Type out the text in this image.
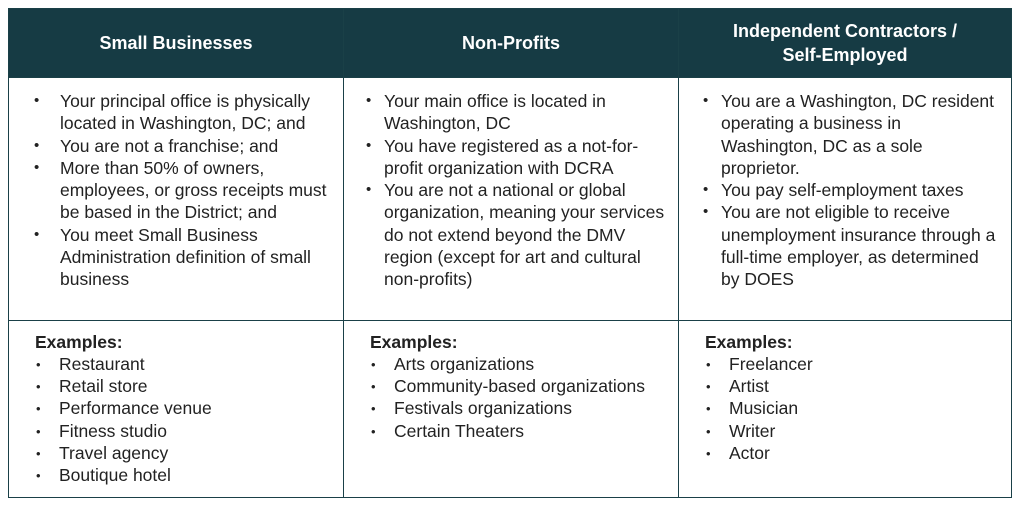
Small Businesses	Non-Profits
Independent Contractors /
Self-Employed
• Your principal office is physically located in Washington, DC; and
• You are not a franchise; and
• More than 50% of owners, employees, or gross receipts must be based in the District; and
• You meet Small Business Administration definition of small business
• Your main office is located in Washington, DC
• You have registered as a not-for-profit organization with DCRA
• You are not a national or global organization, meaning your services do not extend beyond the DMV region (except for art and cultural non-profits)
• You are a Washington, DC resident operating a business in Washington, DC as a sole proprietor.
• You pay self-employment taxes
• You are not eligible to receive unemployment insurance through a full-time employer, as determined by DOES
Examples:
• Restaurant
• Retail store
• Performance venue
• Fitness studio
• Travel agency
• Boutique hotel
Examples:
• Arts organizations
• Community-based organizations
• Festivals organizations
• Certain Theaters
Examples:
• Freelancer
• Artist
• Musician
• Writer
• Actor
